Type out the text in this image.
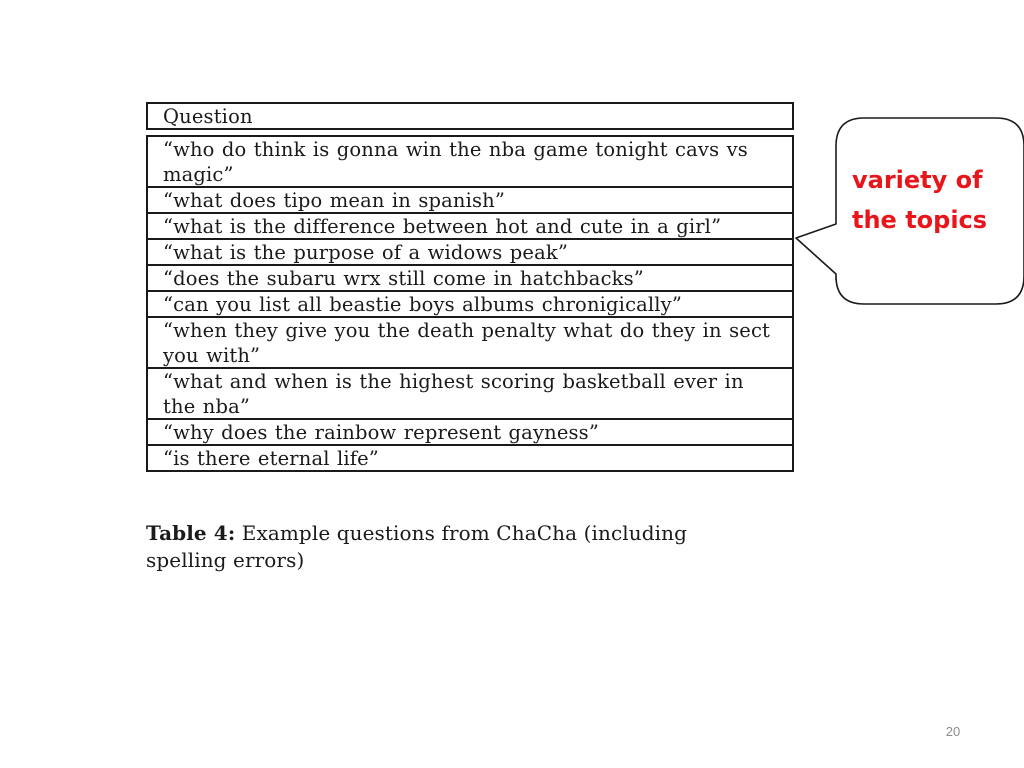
Question
“who do think is gonna win the nba game tonight cavs vs magic”
“what does tipo mean in spanish”
“what is the difference between hot and cute in a girl”
“what is the purpose of a widows peak”
“does the subaru wrx still come in hatchbacks”
“can you list all beastie boys albums chronigically”
“when they give you the death penalty what do they in sect you with”
“what and when is the highest scoring basketball ever in the nba”
“why does the rainbow represent gayness”
“is there eternal life”
Table 4: Example questions from ChaCha (including spelling errors)
variety of
the topics
20
